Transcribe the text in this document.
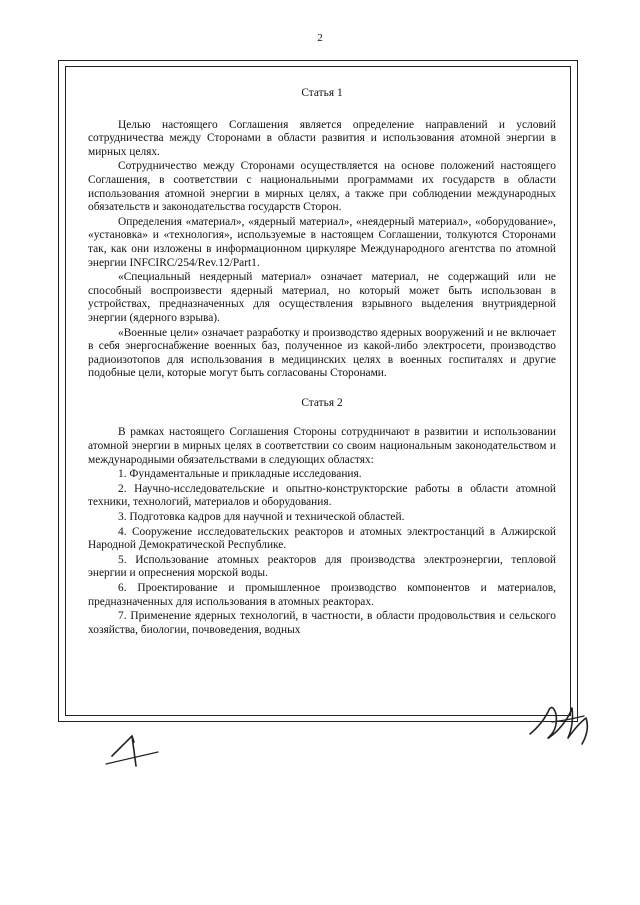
2

Статья 1

Целью настоящего Соглашения является определение направлений и условий сотрудничества между Сторонами в области развития и использования атомной энергии в мирных целях.

Сотрудничество между Сторонами осуществляется на основе положений настоящего Соглашения, в соответствии с национальными программами их государств в области использования атомной энергии в мирных целях, а также при соблюдении международных обязательств и законодательства государств Сторон.

Определения «материал», «ядерный материал», «неядерный материал», «оборудование», «установка» и «технология», используемые в настоящем Соглашении, толкуются Сторонами так, как они изложены в информационном циркуляре Международного агентства по атомной энергии INFCIRC/254/Rev.12/Part1.

«Специальный неядерный материал» означает материал, не содержащий или не способный воспроизвести ядерный материал, но который может быть использован в устройствах, предназначенных для осуществления взрывного выделения внутриядерной энергии (ядерного взрыва).

«Военные цели» означает разработку и производство ядерных вооружений и не включает в себя энергоснабжение военных баз, полученное из какой-либо электросети, производство радиоизотопов для использования в медицинских целях в военных госпиталях и другие подобные цели, которые могут быть согласованы Сторонами.

Статья 2

В рамках настоящего Соглашения Стороны сотрудничают в развитии и использовании атомной энергии в мирных целях в соответствии со своим национальным законодательством и международными обязательствами в следующих областях:

1. Фундаментальные и прикладные исследования.

2. Научно-исследовательские и опытно-конструкторские работы в области атомной техники, технологий, материалов и оборудования.

3. Подготовка кадров для научной и технической областей.

4. Сооружение исследовательских реакторов и атомных электростанций в Алжирской Народной Демократической Республике.

5. Использование атомных реакторов для производства электроэнергии, тепловой энергии и опреснения морской воды.

6. Проектирование и промышленное производство компонентов и материалов, предназначенных для использования в атомных реакторах.

7. Применение ядерных технологий, в частности, в области продовольствия и сельского хозяйства, биологии, почвоведения, водных
